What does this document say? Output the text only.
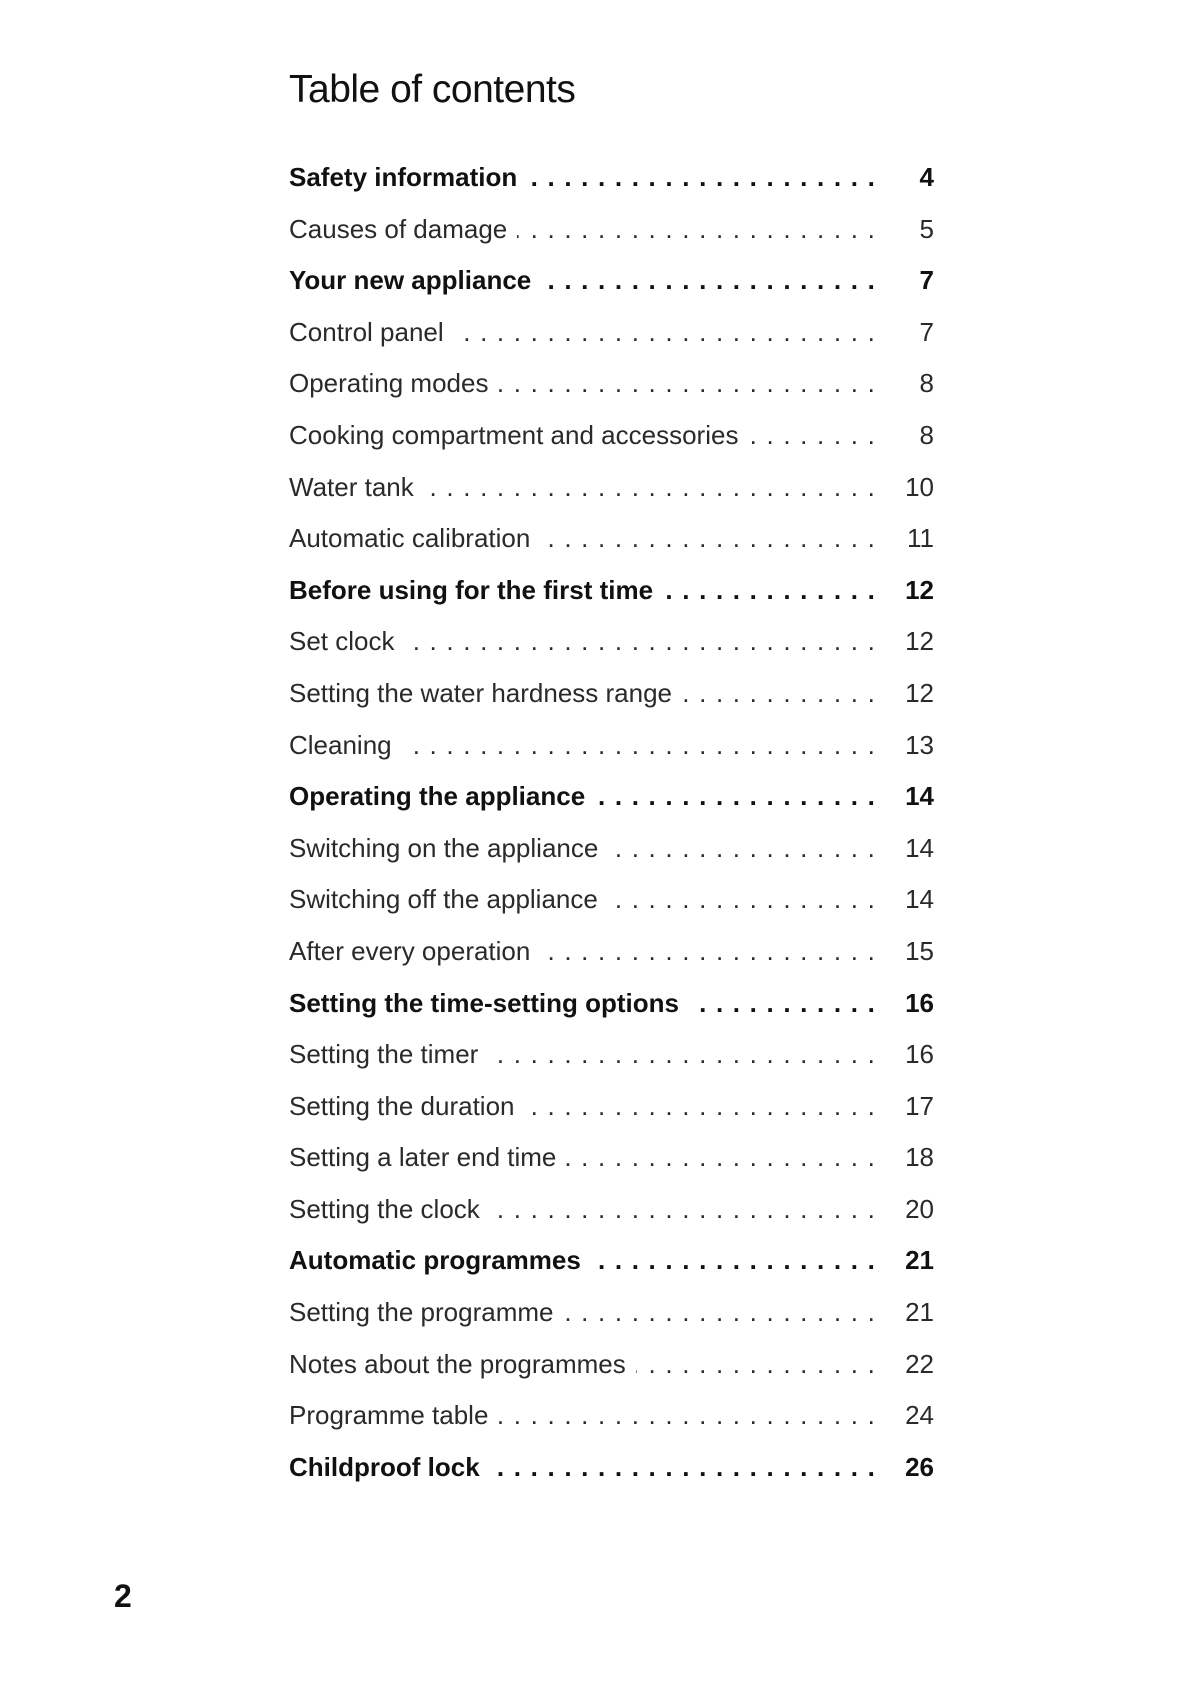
Table of contents
Safety information . . .	4
Causes of damage . . .	5
Your new appliance . . .	7
Control panel . . .	7
Operating modes . . .	8
Cooking compartment and accessories . . .	8
Water tank . . .	10
Automatic calibration . . .	11
Before using for the first time . . .	12
Set clock . . .	12
Setting the water hardness range . . .	12
Cleaning . . .	13
Operating the appliance . . .	14
Switching on the appliance . . .	14
Switching off the appliance . . .	14
After every operation . . .	15
Setting the time-setting options . . .	16
Setting the timer . . .	16
Setting the duration . . .	17
Setting a later end time . . .	18
Setting the clock . . .	20
Automatic programmes . . .	21
Setting the programme . . .	21
Notes about the programmes . . .	22
Programme table . . .	24
Childproof lock . . .	26
2
